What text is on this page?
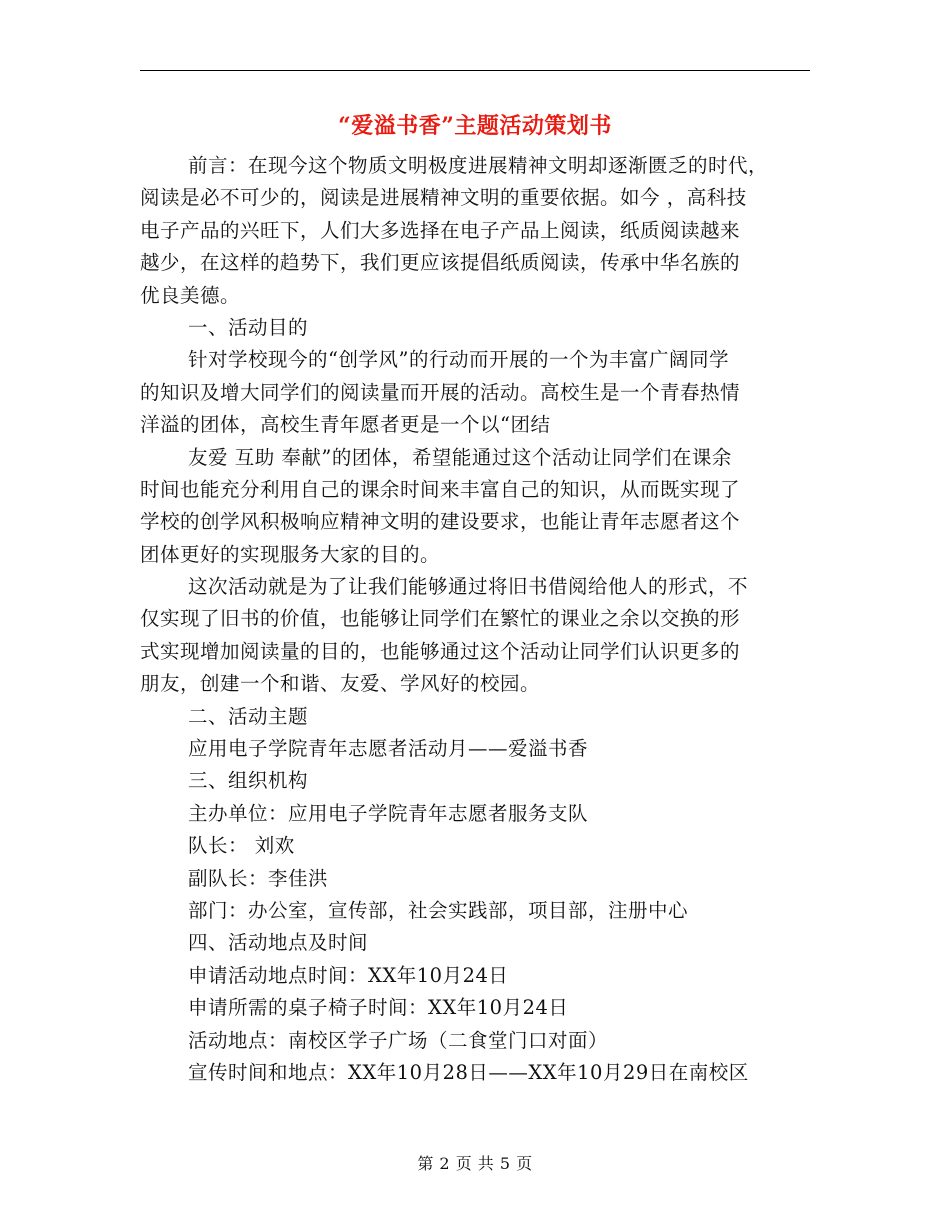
“爱溢书香”主题活动策划书
前言：在现今这个物质文明极度进展精神文明却逐渐匮乏的时代，
阅读是必不可少的，阅读是进展精神文明的重要依据。如今 ，高科技
电子产品的兴旺下，人们大多选择在电子产品上阅读，纸质阅读越来
越少，在这样的趋势下，我们更应该提倡纸质阅读，传承中华名族的
优良美德。
一、活动目的
针对学校现今的“创学风”的行动而开展的一个为丰富广阔同学
的知识及增大同学们的阅读量而开展的活动。高校生是一个青春热情
洋溢的团体，高校生青年愿者更是一个以“团结
友爱 互助 奉献”的团体，希望能通过这个活动让同学们在课余
时间也能充分利用自己的课余时间来丰富自己的知识，从而既实现了
学校的创学风积极响应精神文明的建设要求，也能让青年志愿者这个
团体更好的实现服务大家的目的。
这次活动就是为了让我们能够通过将旧书借阅给他人的形式，不
仅实现了旧书的价值，也能够让同学们在繁忙的课业之余以交换的形
式实现增加阅读量的目的，也能够通过这个活动让同学们认识更多的
朋友，创建一个和谐、友爱、学风好的校园。
二、活动主题
应用电子学院青年志愿者活动月——爱溢书香
三、组织机构
主办单位：应用电子学院青年志愿者服务支队
队长： 刘欢
副队长：李佳洪
部门：办公室，宣传部，社会实践部，项目部，注册中心
四、活动地点及时间
申请活动地点时间：XX年10月24日
申请所需的桌子椅子时间：XX年10月24日
活动地点：南校区学子广场（二食堂门口对面）
宣传时间和地点：XX年10月28日——XX年10月29日在南校区
第 2 页 共 5 页
